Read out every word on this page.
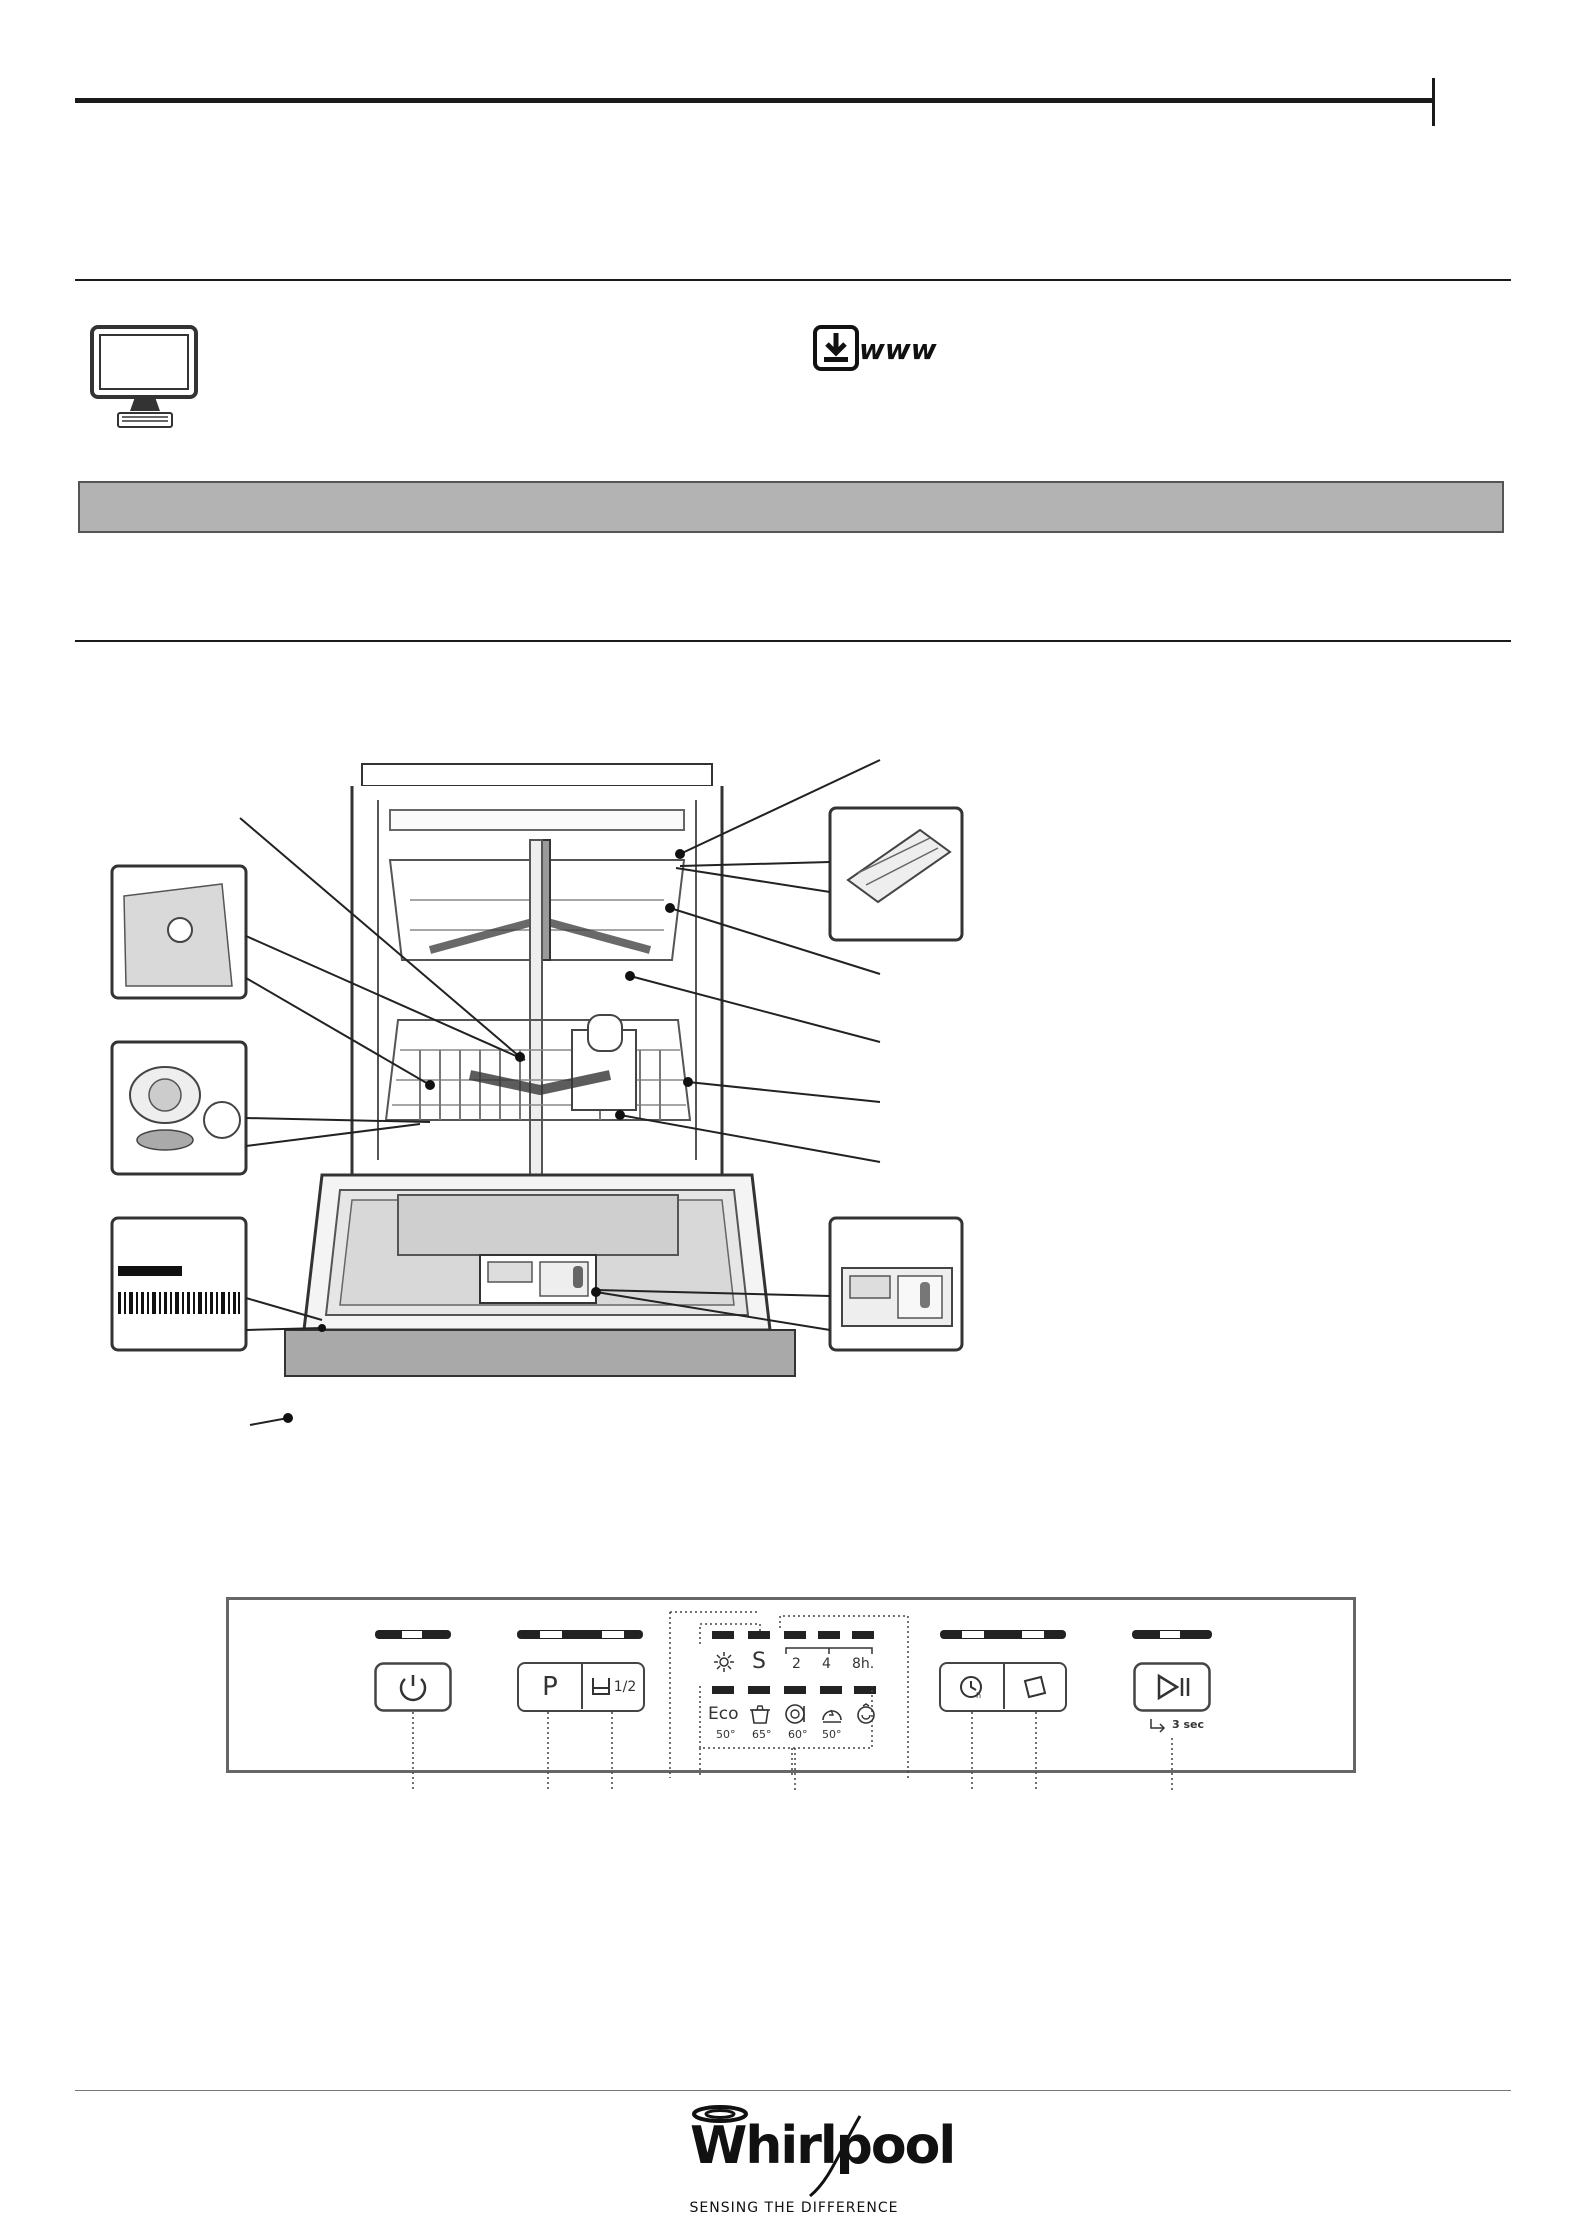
www
P	1/2
S 2 4 8h.
Eco
50° 65° 60° 50°
h
3 sec
Whirlpool
SENSING THE DIFFERENCE
